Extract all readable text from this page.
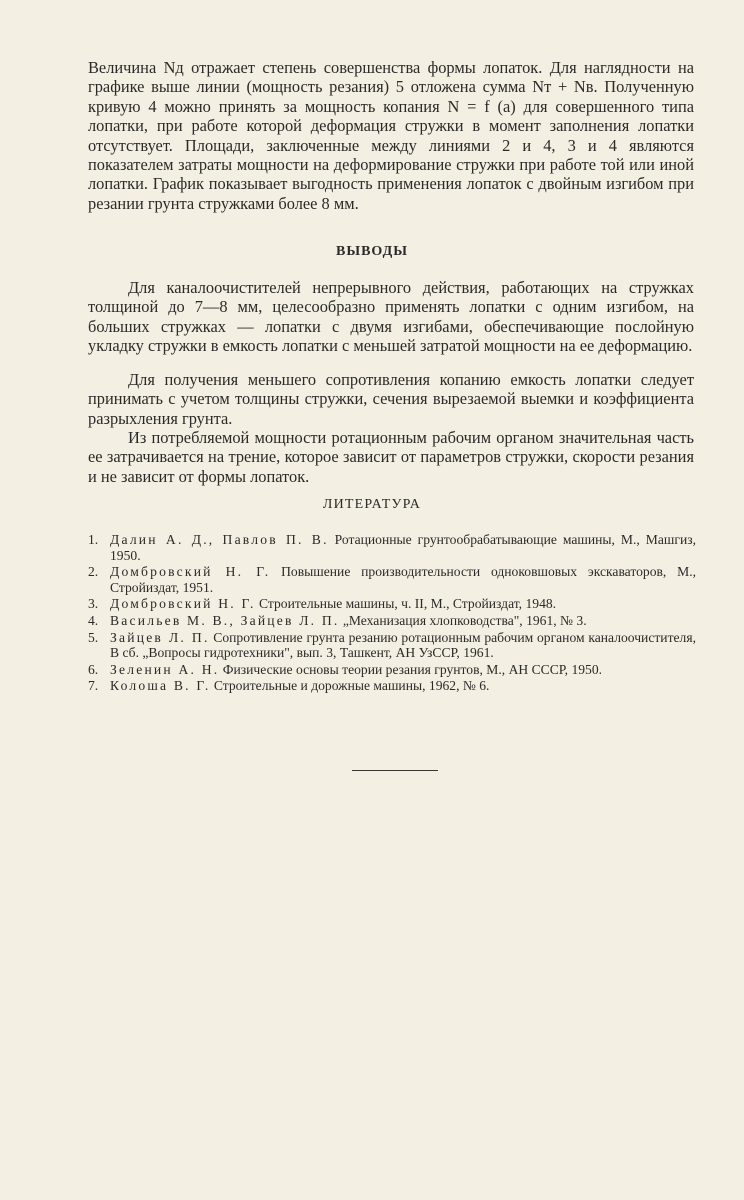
Величина Nд отражает степень совершенства формы лопаток. Для наглядности на графике выше линии (мощность резания) 5 отложена сумма Nт + Nв. Полученную кривую 4 можно принять за мощность копания N = f (a) для совершенного типа лопатки, при работе которой деформация стружки в момент заполнения лопатки отсутствует. Площади, заключенные между линиями 2 и 4, 3 и 4 являются показателем затраты мощности на деформирование стружки при работе той или иной лопатки. График показывает выгодность применения лопаток с двойным изгибом при резании грунта стружками более 8 мм.

ВЫВОДЫ

Для каналоочистителей непрерывного действия, работающих на стружках толщиной до 7—8 мм, целесообразно применять лопатки с одним изгибом, на больших стружках — лопатки с двумя изгибами, обеспечивающие послойную укладку стружки в емкость лопатки с меньшей затратой мощности на ее деформацию.

Для получения меньшего сопротивления копанию емкость лопатки следует принимать с учетом толщины стружки, сечения вырезаемой выемки и коэффициента разрыхления грунта.

Из потребляемой мощности ротационным рабочим органом значительная часть ее затрачивается на трение, которое зависит от параметров стружки, скорости резания и не зависит от формы лопаток.

ЛИТЕРАТУРА
1. Далин А. Д., Павлов П. В. Ротационные грунтообрабатывающие машины, М., Машгиз, 1950.
2. Домбровский Н. Г. Повышение производительности одноковшовых экскаваторов, М., Стройиздат, 1951.
3. Домбровский Н. Г. Строительные машины, ч. II, М., Стройиздат, 1948.
4. Васильев М. В., Зайцев Л. П. „Механизация хлопководства", 1961, № 3.
5. Зайцев Л. П. Сопротивление грунта резанию ротационным рабочим органом каналоочистителя, В сб. „Вопросы гидротехники", вып. 3, Ташкент, АН УзССР, 1961.
6. Зеленин А. Н. Физические основы теории резания грунтов, М., АН СССР, 1950.
7. Колоша В. Г. Строительные и дорожные машины, 1962, № 6.
